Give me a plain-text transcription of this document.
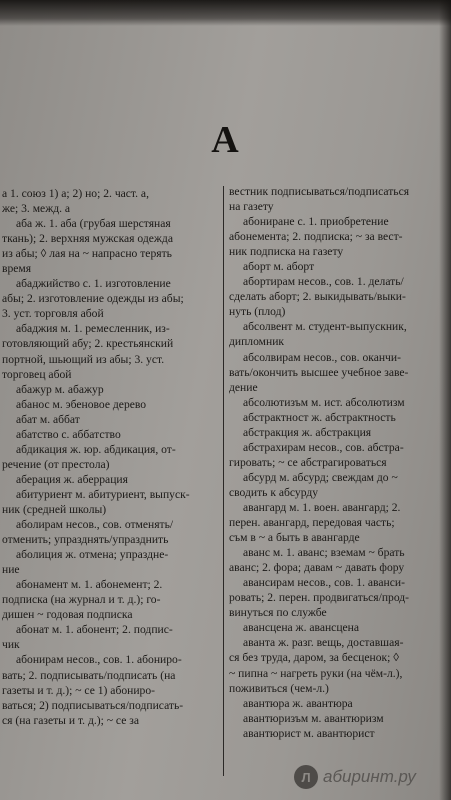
А
а 1. союз 1) а; 2) но; 2. част. а,
же; 3. межд. а
аба ж. 1. аба (грубая шерстяная
ткань); 2. верхняя мужская одежда
из абы; ◊ лая на ~ напрасно терять
время
абаджийство с. 1. изготовление
абы; 2. изготовление одежды из абы;
3. уст. торговля абой
абаджия м. 1. ремесленник, из-
готовляющий абу; 2. крестьянский
портной, шьющий из абы; 3. уст.
торговец абой
абажур м. абажур
абанос м. эбеновое дерево
абат м. аббат
абатство с. аббатство
абдикация ж. юр. абдикация, от-
речение (от престола)
аберация ж. аберрация
абитуриент м. абитуриент, выпуск-
ник (средней школы)
аболирам несов., сов. отменять/
отменить; упразднять/упразднить
аболиция ж. отмена; упраздне-
ние
абонамент м. 1. абонемент; 2.
подписка (на журнал и т. д.); го-
дишен ~ годовая подписка
абонат м. 1. абонент; 2. подпис-
чик
абонирам несов., сов. 1. абониро-
вать; 2. подписывать/подписать (на
газеты и т. д.); ~ се 1) абониро-
ваться; 2) подписываться/подписать-
ся (на газеты и т. д.); ~ се за
вестник подписываться/подписаться
на газету
абониране с. 1. приобретение
абонемента; 2. подписка; ~ за вест-
ник подписка на газету
аборт м. аборт
абортирам несов., сов. 1. делать/
сделать аборт; 2. выкидывать/выки-
нуть (плод)
абсолвент м. студент-выпускник,
дипломник
абсолвирам несов., сов. оканчи-
вать/окончить высшее учебное заве-
дение
абсолютизъм м. ист. абсолютизм
абстрактност ж. абстрактность
абстракция ж. абстракция
абстрахирам несов., сов. абстра-
гировать; ~ се абстрагироваться
абсурд м. абсурд; свеждам до ~
сводить к абсурду
авангард м. 1. воен. авангард; 2.
перен. авангард, передовая часть;
съм в ~ а быть в авангарде
аванс м. 1. аванс; вземам ~ брать
аванс; 2. фора; давам ~ давать фору
авансирам несов., сов. 1. аванси-
ровать; 2. перен. продвигаться/прод-
винуться по службе
авансцена ж. авансцена
аванта ж. разг. вещь, доставшая-
ся без труда, даром, за бесценок; ◊
~ пипна ~ нагреть руки (на чём-л.),
поживиться (чем-л.)
авантюра ж. авантюра
авантюризъм м. авантюризм
авантюрист м. авантюрист
Л абиринт.ру
